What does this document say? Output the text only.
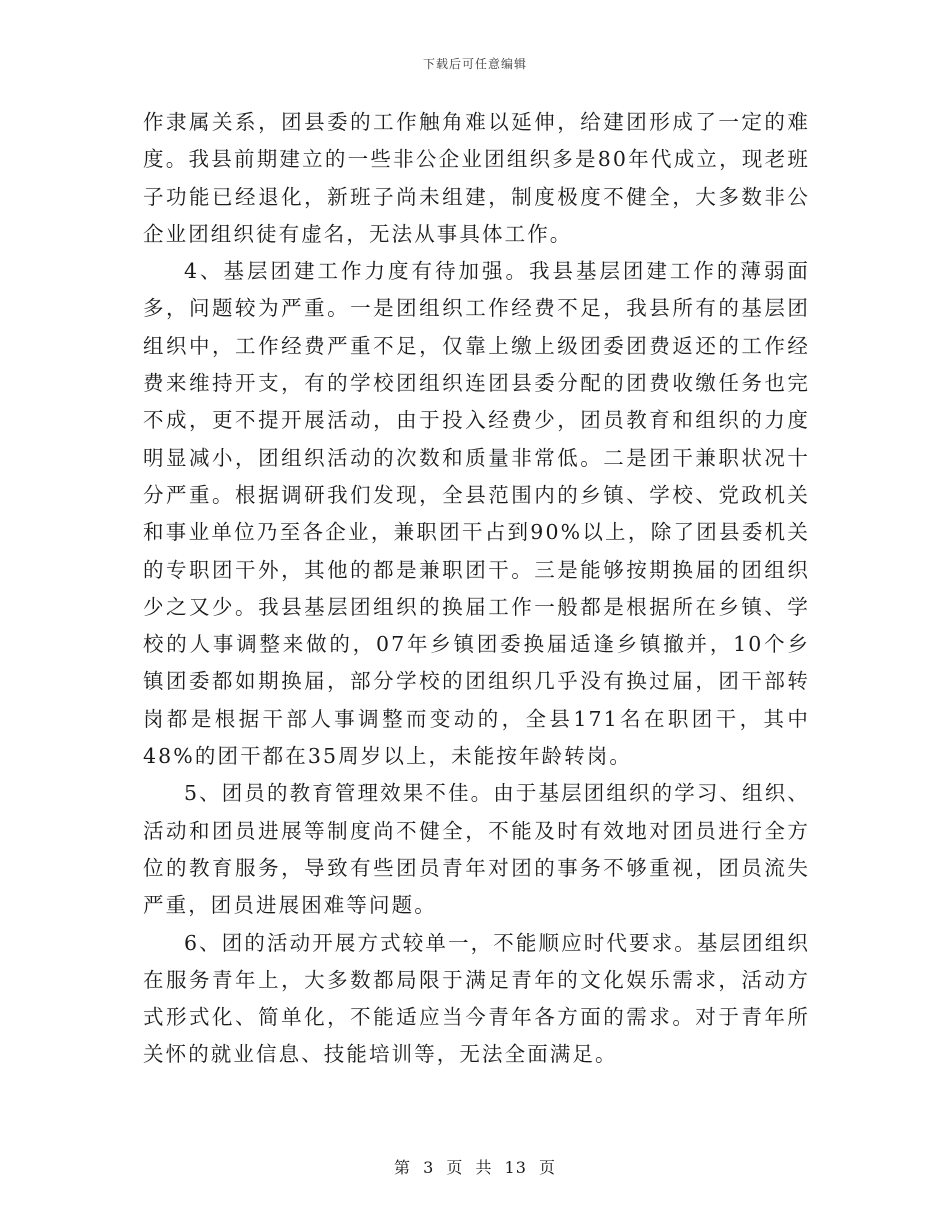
下载后可任意编辑

作隶属关系，团县委的工作触角难以延伸，给建团形成了一定的难度。我县前期建立的一些非公企业团组织多是80年代成立，现老班子功能已经退化，新班子尚未组建，制度极度不健全，大多数非公企业团组织徒有虚名，无法从事具体工作。

4、基层团建工作力度有待加强。我县基层团建工作的薄弱面多，问题较为严重。一是团组织工作经费不足，我县所有的基层团组织中，工作经费严重不足，仅靠上缴上级团委团费返还的工作经费来维持开支，有的学校团组织连团县委分配的团费收缴任务也完不成，更不提开展活动，由于投入经费少，团员教育和组织的力度明显减小，团组织活动的次数和质量非常低。二是团干兼职状况十分严重。根据调研我们发现，全县范围内的乡镇、学校、党政机关和事业单位乃至各企业，兼职团干占到90%以上，除了团县委机关的专职团干外，其他的都是兼职团干。三是能够按期换届的团组织少之又少。我县基层团组织的换届工作一般都是根据所在乡镇、学校的人事调整来做的，07年乡镇团委换届适逢乡镇撤并，10个乡镇团委都如期换届，部分学校的团组织几乎没有换过届，团干部转岗都是根据干部人事调整而变动的，全县171名在职团干，其中48%的团干都在35周岁以上，未能按年龄转岗。

5、团员的教育管理效果不佳。由于基层团组织的学习、组织、活动和团员进展等制度尚不健全，不能及时有效地对团员进行全方位的教育服务，导致有些团员青年对团的事务不够重视，团员流失严重，团员进展困难等问题。

6、团的活动开展方式较单一，不能顺应时代要求。基层团组织在服务青年上，大多数都局限于满足青年的文化娱乐需求，活动方式形式化、简单化，不能适应当今青年各方面的需求。对于青年所关怀的就业信息、技能培训等，无法全面满足。

第 3 页 共 13 页
